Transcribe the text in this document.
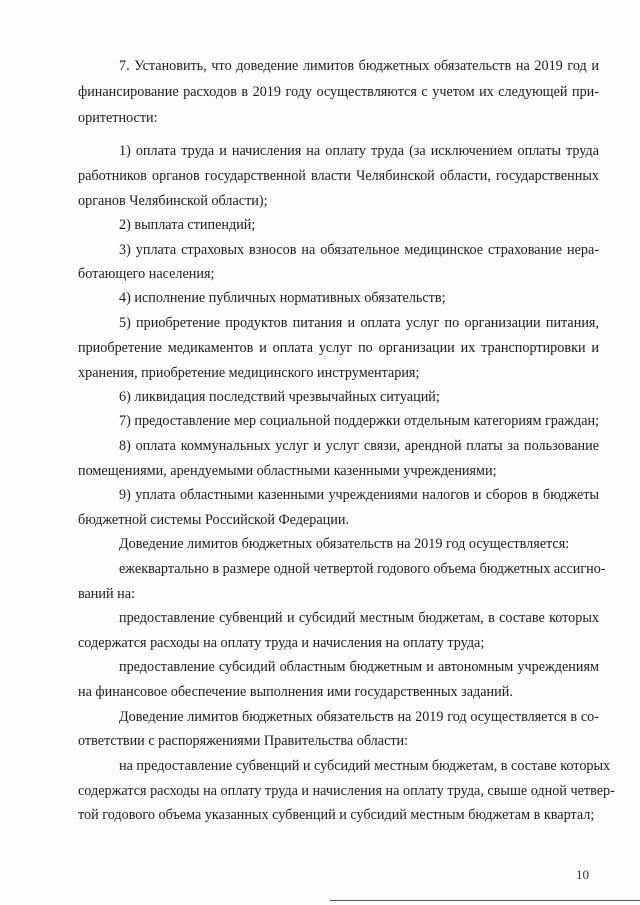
7. Установить, что доведение лимитов бюджетных обязательств на 2019 год и
финансирование расходов в 2019 году осуществляются с учетом их следующей при-
оритетности:
1) оплата труда и начисления на оплату труда (за исключением оплаты труда
работников органов государственной власти Челябинской области, государственных
органов Челябинской области);
2) выплата стипендий;
3) уплата страховых взносов на обязательное медицинское страхование нера-
ботающего населения;
4) исполнение публичных нормативных обязательств;
5) приобретение продуктов питания и оплата услуг по организации питания,
приобретение медикаментов и оплата услуг по организации их транспортировки и
хранения, приобретение медицинского инструментария;
6) ликвидация последствий чрезвычайных ситуаций;
7) предоставление мер социальной поддержки отдельным категориям граждан;
8) оплата коммунальных услуг и услуг связи, арендной платы за пользование
помещениями, арендуемыми областными казенными учреждениями;
9) уплата областными казенными учреждениями налогов и сборов в бюджеты
бюджетной системы Российской Федерации.
Доведение лимитов бюджетных обязательств на 2019 год осуществляется:
ежеквартально в размере одной четвертой годового объема бюджетных ассигно-
ваний на:
предоставление субвенций и субсидий местным бюджетам, в составе которых
содержатся расходы на оплату труда и начисления на оплату труда;
предоставление субсидий областным бюджетным и автономным учреждениям
на финансовое обеспечение выполнения ими государственных заданий.
Доведение лимитов бюджетных обязательств на 2019 год осуществляется в со-
ответствии с распоряжениями Правительства области:
на предоставление субвенций и субсидий местным бюджетам, в составе которых
содержатся расходы на оплату труда и начисления на оплату труда, свыше одной четвер-
той годового объема указанных субвенций и субсидий местным бюджетам в квартал;
10
